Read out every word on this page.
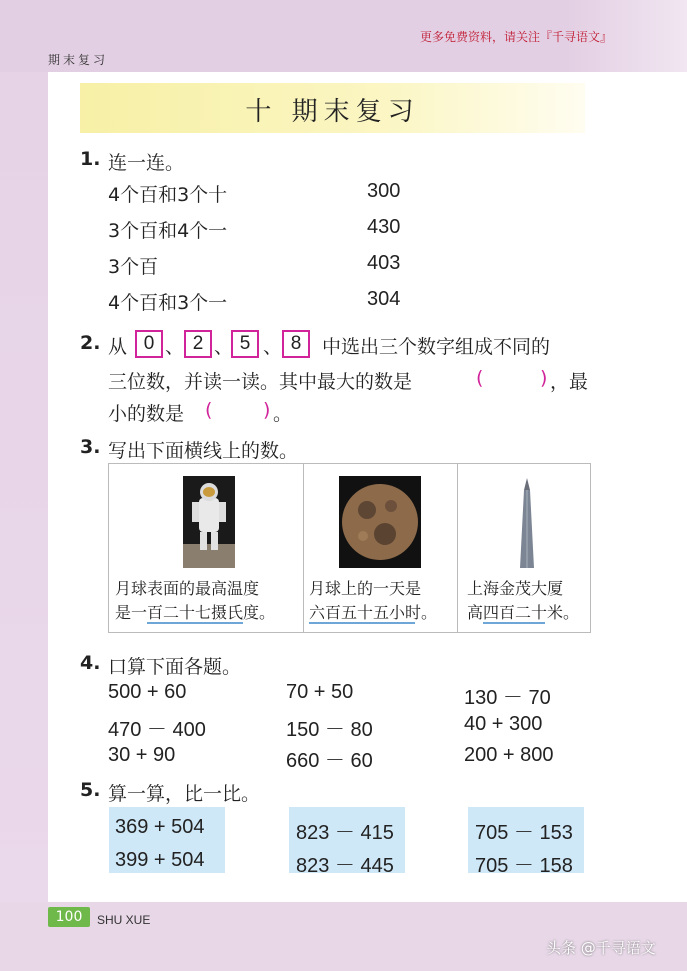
更多免费资料，请关注『千寻语文』
期末复习
十 期末复习
1. 连一连。
4个百和3个十
3个百和4个一
3个百
4个百和3个一
300
430
403
304
2. 从 0 、 2 、 5 、 8	中选出三个数字组成不同的
三位数，并读一读。其中最大的数是	(	) ，最
小的数是 (	) 。
3. 写出下面横线上的数。
月球表面的最高温度
是一百二十七摄氏度。
月球上的一天是
六百五十五小时。
上海金茂大厦
高四百二十米。
4. 口算下面各题。
500 + 60	70 + 50	130 － 70
470 － 400	150 － 80	40 + 300
30 + 90	660 － 60	200 + 800
5. 算一算，比一比。
369 + 504
399 + 504
823 － 415
823 － 445
705 － 153
705 － 158
100	SHU XUE
头条 @千寻语文
